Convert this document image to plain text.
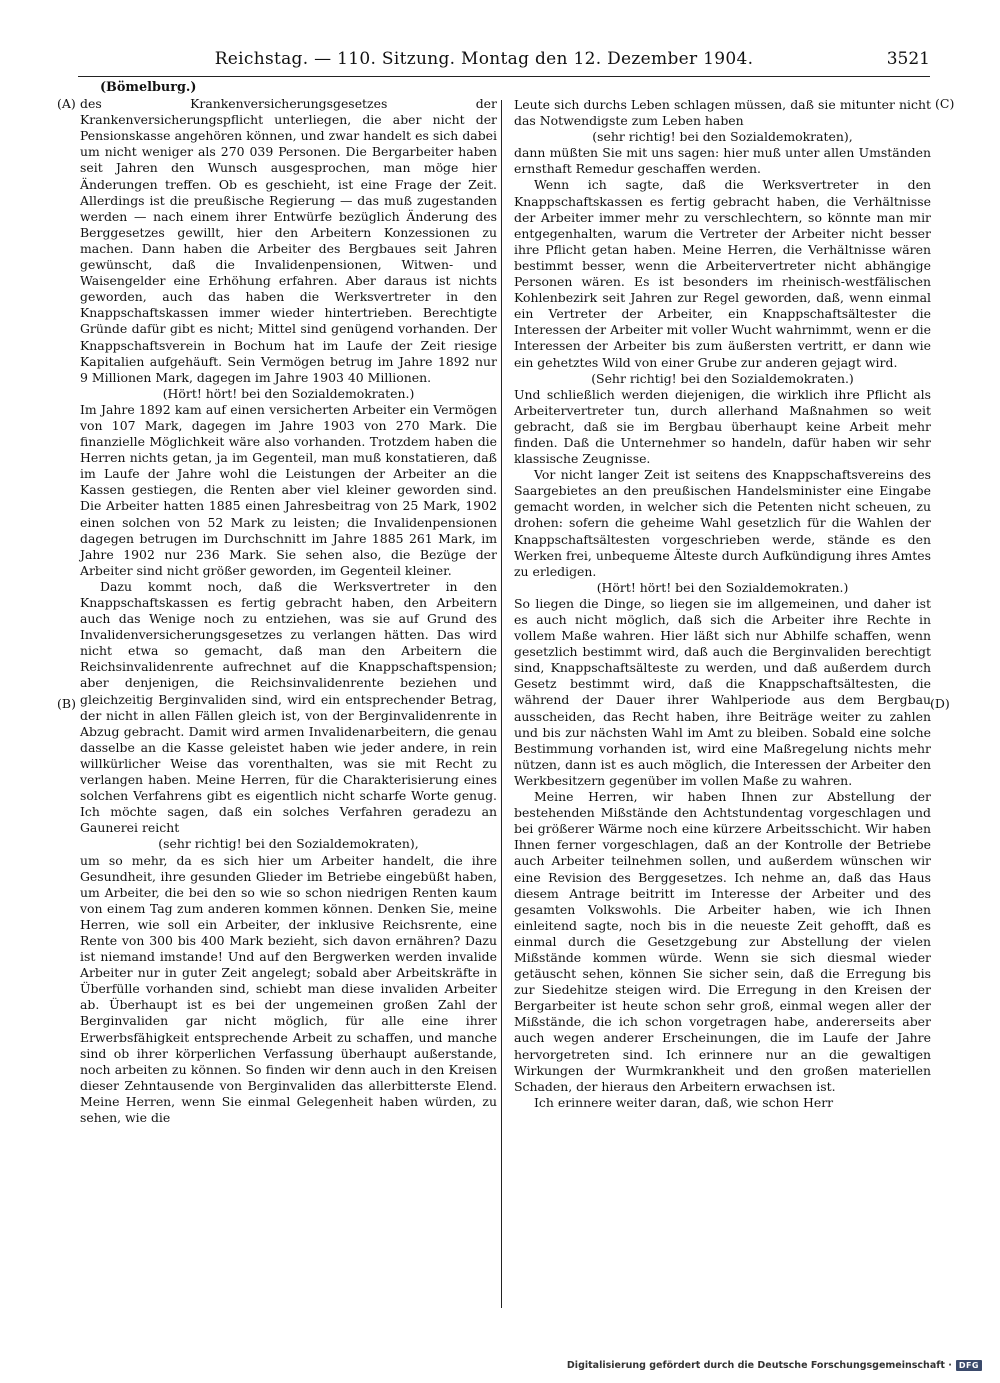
Reichstag. — 110. Sitzung. Montag den 12. Dezember 1904.	3521
(A)
(B)
(C)
(D)

(Bömelburg.)

des Krankenversicherungsgesetzes der Krankenversicherungspflicht unterliegen, die aber nicht der Pensionskasse angehören können, und zwar handelt es sich dabei um nicht weniger als 270 039 Personen. Die Bergarbeiter haben seit Jahren den Wunsch ausgesprochen, man möge hier Änderungen treffen. Ob es geschieht, ist eine Frage der Zeit. Allerdings ist die preußische Regierung — das muß zugestanden werden — nach einem ihrer Entwürfe bezüglich Änderung des Berggesetzes gewillt, hier den Arbeitern Konzessionen zu machen. Dann haben die Arbeiter des Bergbaues seit Jahren gewünscht, daß die Invalidenpensionen, Witwen- und Waisengelder eine Erhöhung erfahren. Aber daraus ist nichts geworden, auch das haben die Werksvertreter in den Knappschaftskassen immer wieder hintertrieben. Berechtigte Gründe dafür gibt es nicht; Mittel sind genügend vorhanden. Der Knappschaftsverein in Bochum hat im Laufe der Zeit riesige Kapitalien aufgehäuft. Sein Vermögen betrug im Jahre 1892 nur 9 Millionen Mark, dagegen im Jahre 1903 40 Millionen.

(Hört! hört! bei den Sozialdemokraten.)

Im Jahre 1892 kam auf einen versicherten Arbeiter ein Vermögen von 107 Mark, dagegen im Jahre 1903 von 270 Mark. Die finanzielle Möglichkeit wäre also vorhanden. Trotzdem haben die Herren nichts getan, ja im Gegenteil, man muß konstatieren, daß im Laufe der Jahre wohl die Leistungen der Arbeiter an die Kassen gestiegen, die Renten aber viel kleiner geworden sind. Die Arbeiter hatten 1885 einen Jahresbeitrag von 25 Mark, 1902 einen solchen von 52 Mark zu leisten; die Invalidenpensionen dagegen betrugen im Durchschnitt im Jahre 1885 261 Mark, im Jahre 1902 nur 236 Mark. Sie sehen also, die Bezüge der Arbeiter sind nicht größer geworden, im Gegenteil kleiner.

Dazu kommt noch, daß die Werksvertreter in den Knappschaftskassen es fertig gebracht haben, den Arbeitern auch das Wenige noch zu entziehen, was sie auf Grund des Invalidenversicherungsgesetzes zu verlangen hätten. Das wird nicht etwa so gemacht, daß man den Arbeitern die Reichsinvalidenrente aufrechnet auf die Knappschaftspension; aber denjenigen, die Reichsinvalidenrente beziehen und gleichzeitig Berginvaliden sind, wird ein entsprechender Betrag, der nicht in allen Fällen gleich ist, von der Berginvalidenrente in Abzug gebracht. Damit wird armen Invalidenarbeitern, die genau dasselbe an die Kasse geleistet haben wie jeder andere, in rein willkürlicher Weise das vorenthalten, was sie mit Recht zu verlangen haben. Meine Herren, für die Charakterisierung eines solchen Verfahrens gibt es eigentlich nicht scharfe Worte genug. Ich möchte sagen, daß ein solches Verfahren geradezu an Gaunerei reicht

(sehr richtig! bei den Sozialdemokraten),

um so mehr, da es sich hier um Arbeiter handelt, die ihre Gesundheit, ihre gesunden Glieder im Betriebe eingebüßt haben, um Arbeiter, die bei den so wie so schon niedrigen Renten kaum von einem Tag zum anderen kommen können. Denken Sie, meine Herren, wie soll ein Arbeiter, der inklusive Reichsrente, eine Rente von 300 bis 400 Mark bezieht, sich davon ernähren? Dazu ist niemand imstande! Und auf den Bergwerken werden invalide Arbeiter nur in guter Zeit angelegt; sobald aber Arbeitskräfte in Überfülle vorhanden sind, schiebt man diese invaliden Arbeiter ab. Überhaupt ist es bei der ungemeinen großen Zahl der Berginvaliden gar nicht möglich, für alle eine ihrer Erwerbsfähigkeit entsprechende Arbeit zu schaffen, und manche sind ob ihrer körperlichen Verfassung überhaupt außerstande, noch arbeiten zu können. So finden wir denn auch in den Kreisen dieser Zehntausende von Berginvaliden das allerbitterste Elend. Meine Herren, wenn Sie einmal Gelegenheit haben würden, zu sehen, wie die

Leute sich durchs Leben schlagen müssen, daß sie mitunter nicht das Notwendigste zum Leben haben

(sehr richtig! bei den Sozialdemokraten),

dann müßten Sie mit uns sagen: hier muß unter allen Umständen ernsthaft Remedur geschaffen werden.

Wenn ich sagte, daß die Werksvertreter in den Knappschaftskassen es fertig gebracht haben, die Verhältnisse der Arbeiter immer mehr zu verschlechtern, so könnte man mir entgegenhalten, warum die Vertreter der Arbeiter nicht besser ihre Pflicht getan haben. Meine Herren, die Verhältnisse wären bestimmt besser, wenn die Arbeitervertreter nicht abhängige Personen wären. Es ist besonders im rheinisch-westfälischen Kohlenbezirk seit Jahren zur Regel geworden, daß, wenn einmal ein Vertreter der Arbeiter, ein Knappschaftsältester die Interessen der Arbeiter mit voller Wucht wahrnimmt, wenn er die Interessen der Arbeiter bis zum äußersten vertritt, er dann wie ein gehetztes Wild von einer Grube zur anderen gejagt wird.

(Sehr richtig! bei den Sozialdemokraten.)

Und schließlich werden diejenigen, die wirklich ihre Pflicht als Arbeitervertreter tun, durch allerhand Maßnahmen so weit gebracht, daß sie im Bergbau überhaupt keine Arbeit mehr finden. Daß die Unternehmer so handeln, dafür haben wir sehr klassische Zeugnisse.

Vor nicht langer Zeit ist seitens des Knappschaftsvereins des Saargebietes an den preußischen Handelsminister eine Eingabe gemacht worden, in welcher sich die Petenten nicht scheuen, zu drohen: sofern die geheime Wahl gesetzlich für die Wahlen der Knappschaftsältesten vorgeschrieben werde, stände es den Werken frei, unbequeme Älteste durch Aufkündigung ihres Amtes zu erledigen.

(Hört! hört! bei den Sozialdemokraten.)

So liegen die Dinge, so liegen sie im allgemeinen, und daher ist es auch nicht möglich, daß sich die Arbeiter ihre Rechte in vollem Maße wahren. Hier läßt sich nur Abhilfe schaffen, wenn gesetzlich bestimmt wird, daß auch die Berginvaliden berechtigt sind, Knappschaftsälteste zu werden, und daß außerdem durch Gesetz bestimmt wird, daß die Knappschaftsältesten, die während der Dauer ihrer Wahlperiode aus dem Bergbau ausscheiden, das Recht haben, ihre Beiträge weiter zu zahlen und bis zur nächsten Wahl im Amt zu bleiben. Sobald eine solche Bestimmung vorhanden ist, wird eine Maßregelung nichts mehr nützen, dann ist es auch möglich, die Interessen der Arbeiter den Werkbesitzern gegenüber im vollen Maße zu wahren.

Meine Herren, wir haben Ihnen zur Abstellung der bestehenden Mißstände den Achtstundentag vorgeschlagen und bei größerer Wärme noch eine kürzere Arbeitsschicht. Wir haben Ihnen ferner vorgeschlagen, daß an der Kontrolle der Betriebe auch Arbeiter teilnehmen sollen, und außerdem wünschen wir eine Revision des Berggesetzes. Ich nehme an, daß das Haus diesem Antrage beitritt im Interesse der Arbeiter und des gesamten Volkswohls. Die Arbeiter haben, wie ich Ihnen einleitend sagte, noch bis in die neueste Zeit gehofft, daß es einmal durch die Gesetzgebung zur Abstellung der vielen Mißstände kommen würde. Wenn sie sich diesmal wieder getäuscht sehen, können Sie sicher sein, daß die Erregung bis zur Siedehitze steigen wird. Die Erregung in den Kreisen der Bergarbeiter ist heute schon sehr groß, einmal wegen aller der Mißstände, die ich schon vorgetragen habe, andererseits aber auch wegen anderer Erscheinungen, die im Laufe der Jahre hervorgetreten sind. Ich erinnere nur an die gewaltigen Wirkungen der Wurmkrankheit und den großen materiellen Schaden, der hieraus den Arbeitern erwachsen ist.

Ich erinnere weiter daran, daß, wie schon Herr

Digitalisierung gefördert durch die Deutsche Forschungsgemeinschaft · DFG
